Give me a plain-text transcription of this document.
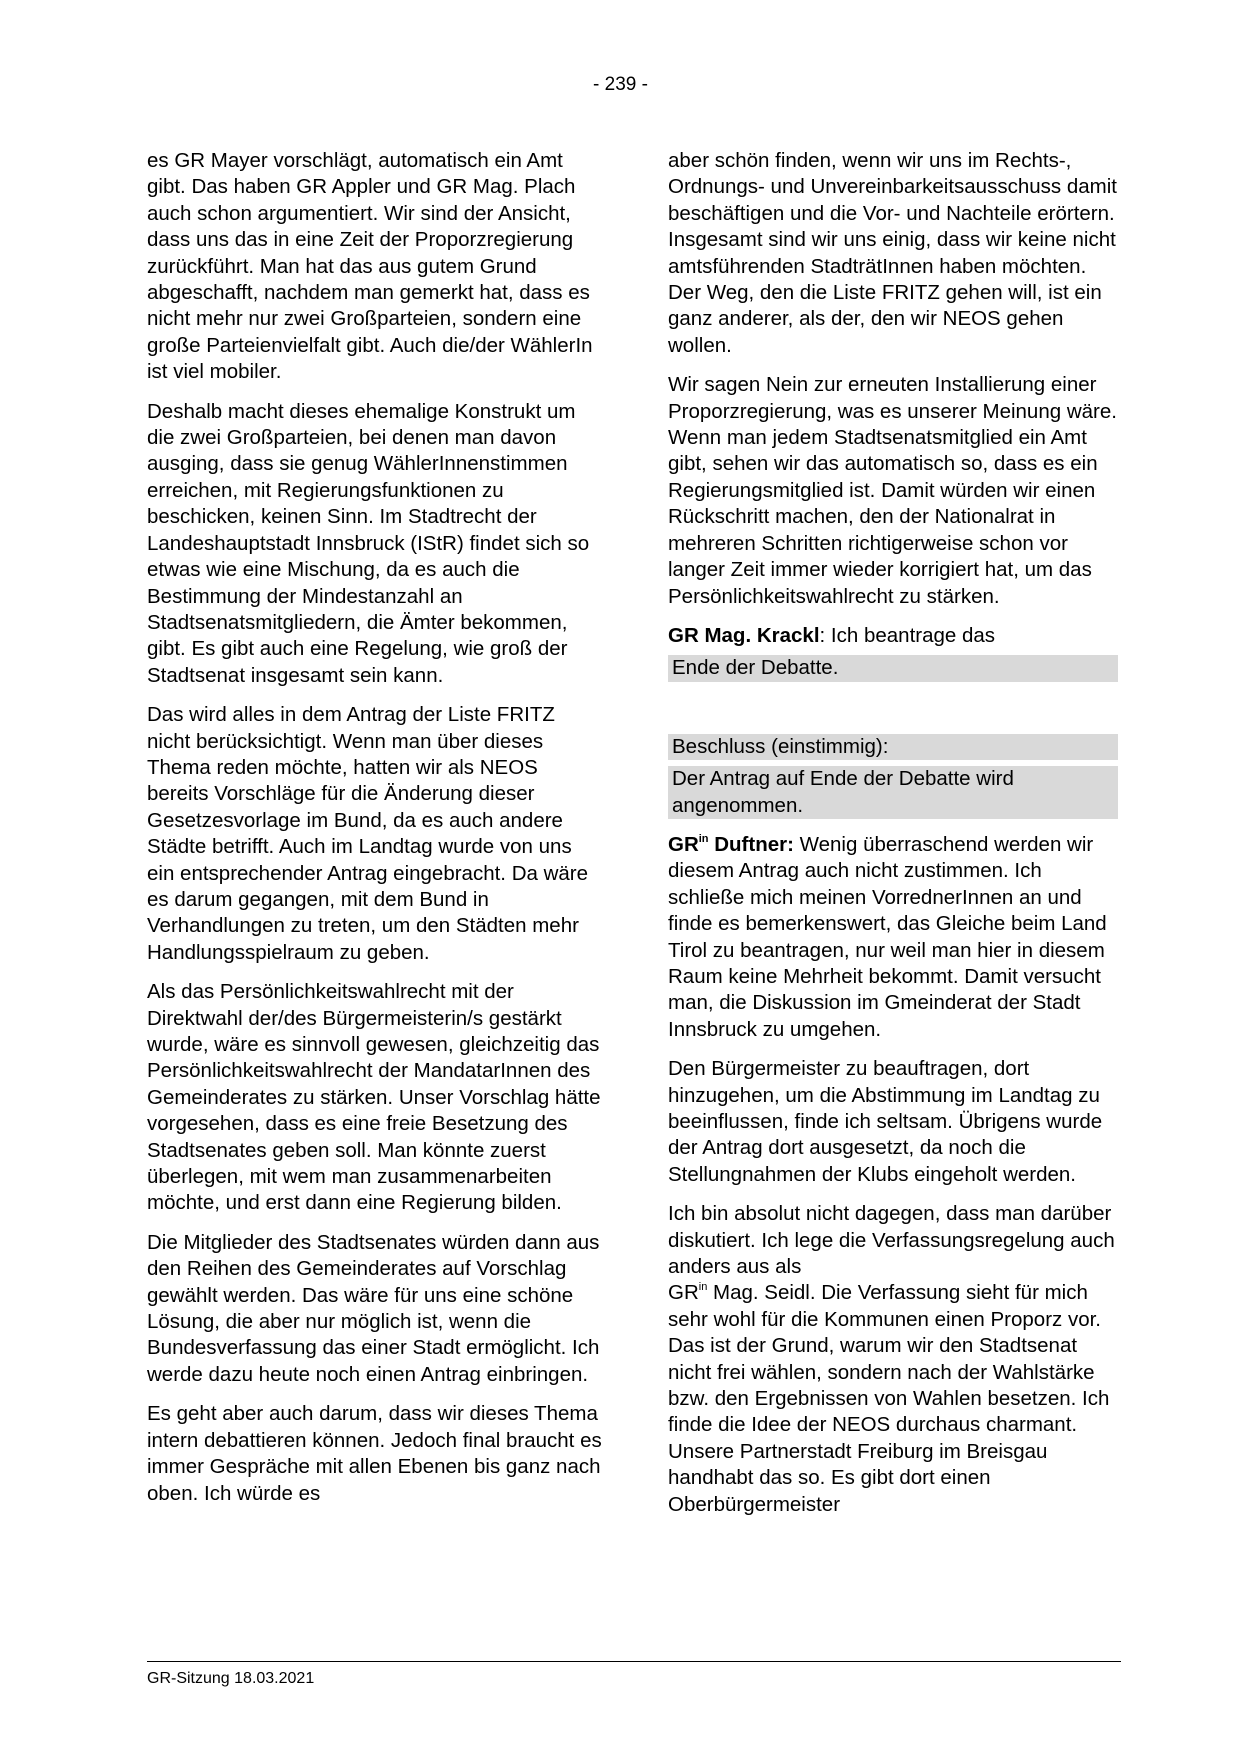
- 239 -

es GR Mayer vorschlägt, automatisch ein Amt gibt. Das haben GR Appler und GR Mag. Plach auch schon argumentiert. Wir sind der Ansicht, dass uns das in eine Zeit der Proporzregierung zurückführt. Man hat das aus gutem Grund abgeschafft, nachdem man gemerkt hat, dass es nicht mehr nur zwei Großparteien, sondern eine große Parteienvielfalt gibt. Auch die/der WählerIn ist viel mobiler.

Deshalb macht dieses ehemalige Konstrukt um die zwei Großparteien, bei denen man davon ausging, dass sie genug WählerInnenstimmen erreichen, mit Regierungsfunktionen zu beschicken, keinen Sinn. Im Stadtrecht der Landeshauptstadt Innsbruck (IStR) findet sich so etwas wie eine Mischung, da es auch die Bestimmung der Mindestanzahl an Stadtsenatsmitgliedern, die Ämter bekommen, gibt. Es gibt auch eine Regelung, wie groß der Stadtsenat insgesamt sein kann.

Das wird alles in dem Antrag der Liste FRITZ nicht berücksichtigt. Wenn man über dieses Thema reden möchte, hatten wir als NEOS bereits Vorschläge für die Änderung dieser Gesetzesvorlage im Bund, da es auch andere Städte betrifft. Auch im Landtag wurde von uns ein entsprechender Antrag eingebracht. Da wäre es darum gegangen, mit dem Bund in Verhandlungen zu treten, um den Städten mehr Handlungsspielraum zu geben.

Als das Persönlichkeitswahlrecht mit der Direktwahl der/des Bürgermeisterin/s gestärkt wurde, wäre es sinnvoll gewesen, gleichzeitig das Persönlichkeitswahlrecht der MandatarInnen des Gemeinderates zu stärken. Unser Vorschlag hätte vorgesehen, dass es eine freie Besetzung des Stadtsenates geben soll. Man könnte zuerst überlegen, mit wem man zusammenarbeiten möchte, und erst dann eine Regierung bilden.

Die Mitglieder des Stadtsenates würden dann aus den Reihen des Gemeinderates auf Vorschlag gewählt werden. Das wäre für uns eine schöne Lösung, die aber nur möglich ist, wenn die Bundesverfassung das einer Stadt ermöglicht. Ich werde dazu heute noch einen Antrag einbringen.

Es geht aber auch darum, dass wir dieses Thema intern debattieren können. Jedoch final braucht es immer Gespräche mit allen Ebenen bis ganz nach oben. Ich würde es

aber schön finden, wenn wir uns im Rechts-, Ordnungs- und Unvereinbarkeitsausschuss damit beschäftigen und die Vor- und Nachteile erörtern. Insgesamt sind wir uns einig, dass wir keine nicht amtsführenden StadträtInnen haben möchten. Der Weg, den die Liste FRITZ gehen will, ist ein ganz anderer, als der, den wir NEOS gehen wollen.

Wir sagen Nein zur erneuten Installierung einer Proporzregierung, was es unserer Meinung wäre. Wenn man jedem Stadtsenatsmitglied ein Amt gibt, sehen wir das automatisch so, dass es ein Regierungsmitglied ist. Damit würden wir einen Rückschritt machen, den der Nationalrat in mehreren Schritten richtigerweise schon vor langer Zeit immer wieder korrigiert hat, um das Persönlichkeitswahlrecht zu stärken.

GR Mag. Krackl: Ich beantrage das

Ende der Debatte.

Beschluss (einstimmig):

Der Antrag auf Ende der Debatte wird angenommen.

$GR^{in}$ Duftner: Wenig überraschend werden wir diesem Antrag auch nicht zustimmen. Ich schließe mich meinen VorrednerInnen an und finde es bemerkenswert, das Gleiche beim Land Tirol zu beantragen, nur weil man hier in diesem Raum keine Mehrheit bekommt. Damit versucht man, die Diskussion im Gmeinderat der Stadt Innsbruck zu umgehen.

Den Bürgermeister zu beauftragen, dort hinzugehen, um die Abstimmung im Landtag zu beeinflussen, finde ich seltsam. Übrigens wurde der Antrag dort ausgesetzt, da noch die Stellungnahmen der Klubs eingeholt werden.

Ich bin absolut nicht dagegen, dass man darüber diskutiert. Ich lege die Verfassungsregelung auch anders aus als
$GR^{in}$ Mag. Seidl. Die Verfassung sieht für mich sehr wohl für die Kommunen einen Proporz vor. Das ist der Grund, warum wir den Stadtsenat nicht frei wählen, sondern nach der Wahlstärke bzw. den Ergebnissen von Wahlen besetzen. Ich finde die Idee der NEOS durchaus charmant. Unsere Partnerstadt Freiburg im Breisgau handhabt das so. Es gibt dort einen Oberbürgermeister

GR-Sitzung 18.03.2021
